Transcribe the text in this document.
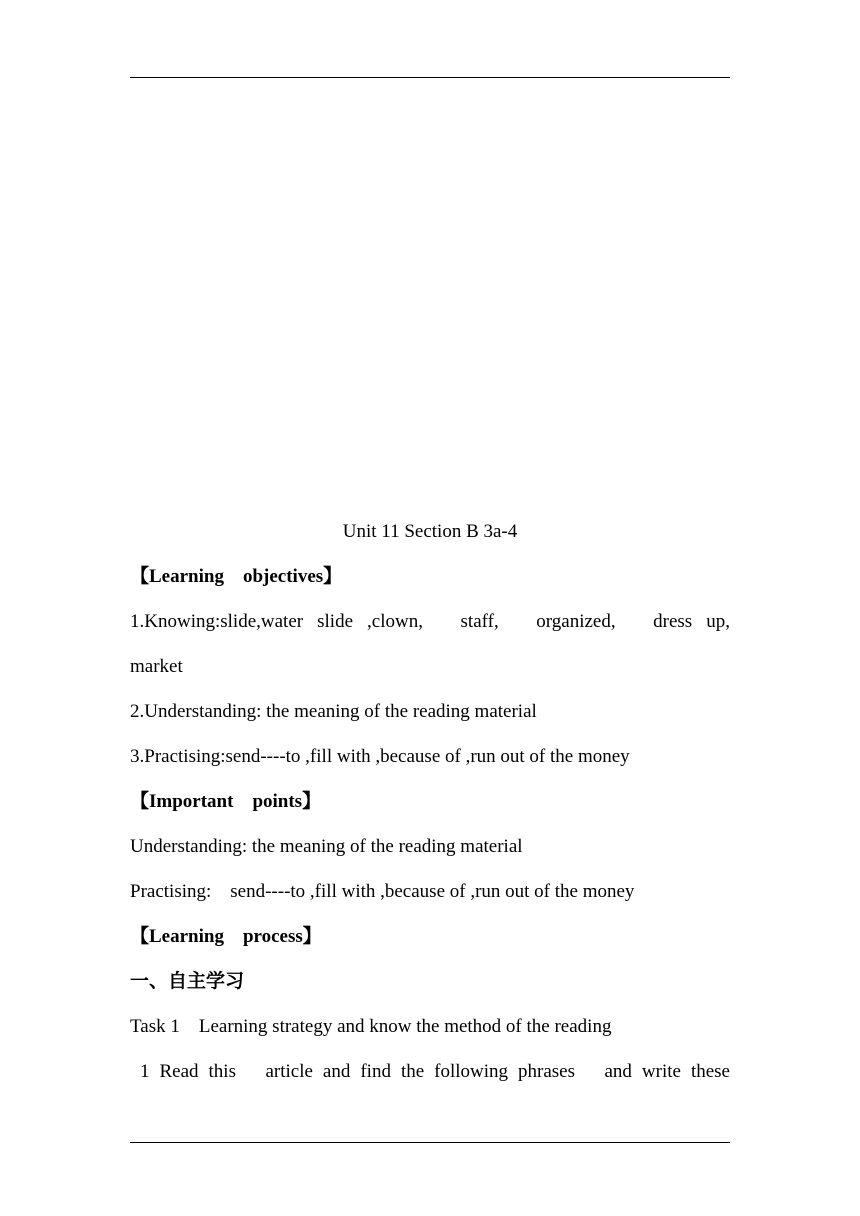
Unit 11 Section B 3a-4
【Learning　objectives】
1.Knowing:slide,water slide ,clown,　staff,　organized,　dress up,
market
2.Understanding: the meaning of the reading material
3.Practising:send----to ,fill with ,because of ,run out of the money
【Important　points】
Understanding: the meaning of the reading material
Practising:　send----to ,fill with ,because of ,run out of the money
【Learning　process】
一、自主学习
Task 1　Learning strategy and know the method of the reading
1 Read this　article and find the following phrases　and write these
